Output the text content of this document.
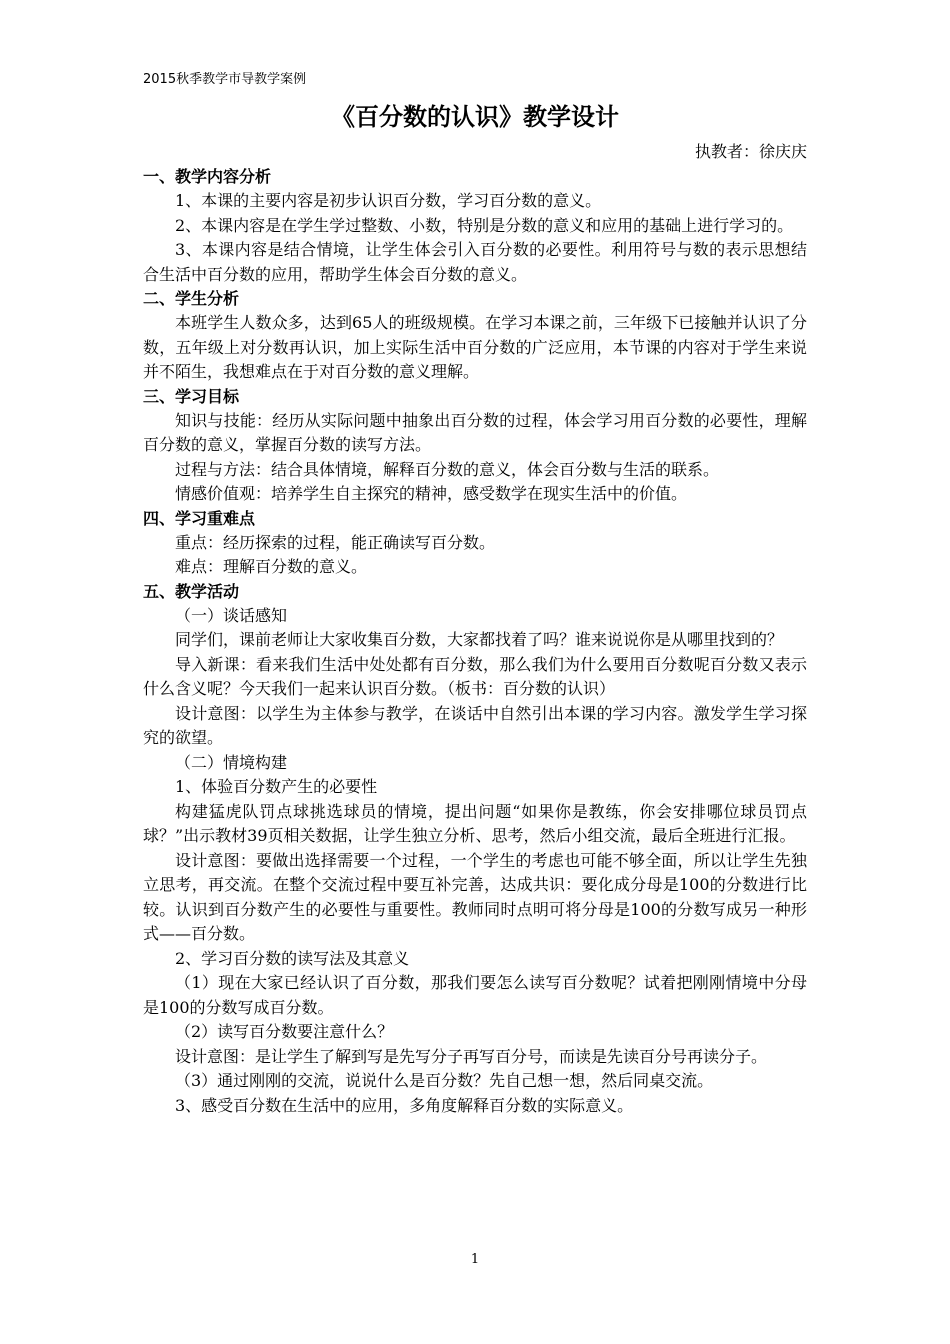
2015秋季教学市导教学案例
《百分数的认识》教学设计
执教者：徐庆庆

一、教学内容分析

1、本课的主要内容是初步认识百分数，学习百分数的意义。

2、本课内容是在学生学过整数、小数，特别是分数的意义和应用的基础上进行学习的。

3、本课内容是结合情境，让学生体会引入百分数的必要性。利用符号与数的表示思想结合生活中百分数的应用，帮助学生体会百分数的意义。

二、学生分析

本班学生人数众多，达到65人的班级规模。在学习本课之前，三年级下已接触并认识了分数，五年级上对分数再认识，加上实际生活中百分数的广泛应用，本节课的内容对于学生来说并不陌生，我想难点在于对百分数的意义理解。

三、学习目标

知识与技能：经历从实际问题中抽象出百分数的过程，体会学习用百分数的必要性，理解百分数的意义，掌握百分数的读写方法。

过程与方法：结合具体情境，解释百分数的意义，体会百分数与生活的联系。

情感价值观：培养学生自主探究的精神，感受数学在现实生活中的价值。

四、学习重难点

重点：经历探索的过程，能正确读写百分数。

难点：理解百分数的意义。

五、教学活动

（一）谈话感知

同学们，课前老师让大家收集百分数，大家都找着了吗？谁来说说你是从哪里找到的？

导入新课：看来我们生活中处处都有百分数，那么我们为什么要用百分数呢百分数又表示什么含义呢？今天我们一起来认识百分数。（板书：百分数的认识）

设计意图：以学生为主体参与教学，在谈话中自然引出本课的学习内容。激发学生学习探究的欲望。

（二）情境构建

1、体验百分数产生的必要性

构建猛虎队罚点球挑选球员的情境，提出问题“如果你是教练，你会安排哪位球员罚点球？”出示教材39页相关数据，让学生独立分析、思考，然后小组交流，最后全班进行汇报。

设计意图：要做出选择需要一个过程，一个学生的考虑也可能不够全面，所以让学生先独立思考，再交流。在整个交流过程中要互补完善，达成共识：要化成分母是100的分数进行比较。认识到百分数产生的必要性与重要性。教师同时点明可将分母是100的分数写成另一种形式——百分数。

2、学习百分数的读写法及其意义

（1）现在大家已经认识了百分数，那我们要怎么读写百分数呢？试着把刚刚情境中分母是100的分数写成百分数。

（2）读写百分数要注意什么？

设计意图：是让学生了解到写是先写分子再写百分号，而读是先读百分号再读分子。

（3）通过刚刚的交流，说说什么是百分数？先自己想一想，然后同桌交流。

3、感受百分数在生活中的应用，多角度解释百分数的实际意义。

1
